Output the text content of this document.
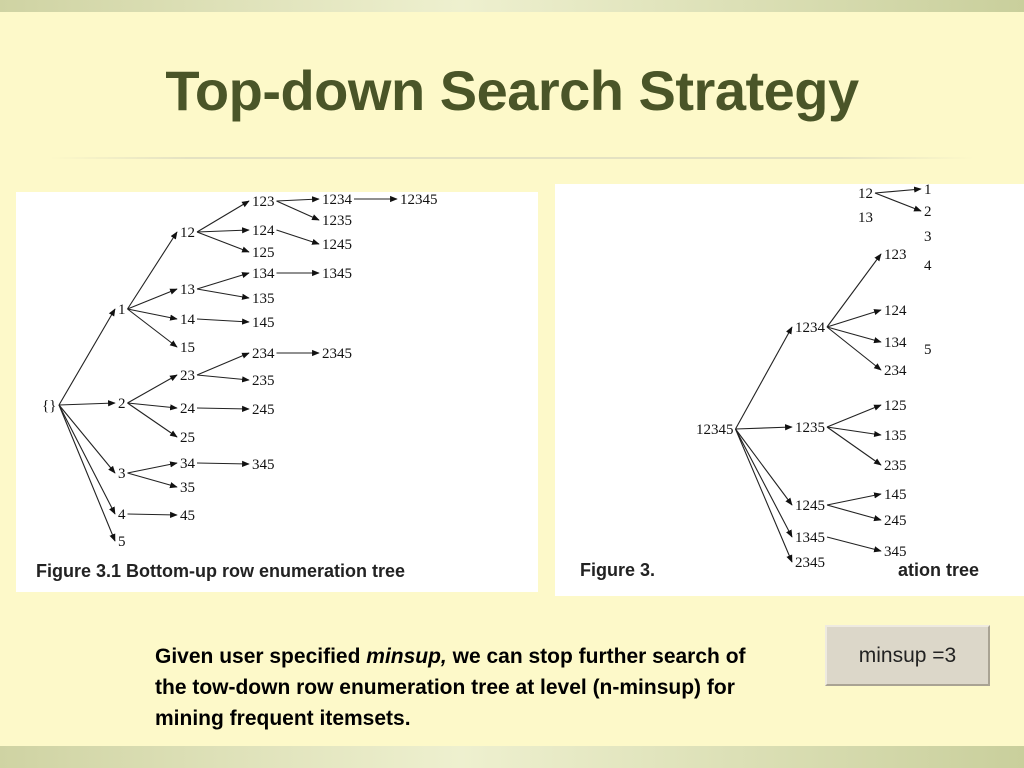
Top-down Search Strategy
{}
1
2
3
4
5
12
13
14
15
23
24
25
34
35
45
123
124
125
134
135
145
234
235
245
345
1234
1235
1245
1345
2345
12345
Figure 3.1 Bottom-up row enumeration tree
12345
1234
1235
1245
1345
2345
123
124
134
234
125
135
235
145
245
345
12
13
1
2
3
4
5
Figure 3.	ation tree
Given user specified minsup, we can stop further search of the tow-down row enumeration tree at level (n-minsup) for mining frequent itemsets.
minsup =3
